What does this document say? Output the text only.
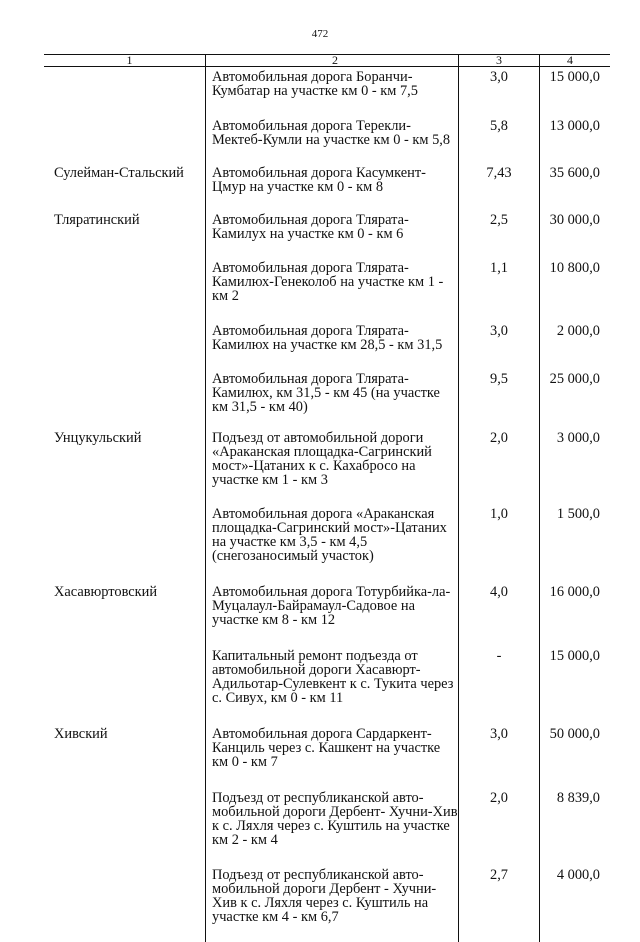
472
1	2	3	4
	Автомобильная дорога Боранчи-Кумбатар на участке км 0 - км 7,5	3,0	15 000,0
	Автомобильная дорога Терекли-Мектеб-Кумли на участке км 0 - км 5,8	5,8	13 000,0
Сулейман-Стальский	Автомобильная дорога Касумкент-Цмур на участке км 0 - км 8	7,43	35 600,0
Тляратинский	Автомобильная дорога Тлярата-Камилух на участке км 0 - км 6	2,5	30 000,0
	Автомобильная дорога Тлярата-Камилюх-Генеколоб на участке км 1 - км 2	1,1	10 800,0
	Автомобильная дорога Тлярата-Камилюх на участке км 28,5 - км 31,5	3,0	2 000,0
	Автомобильная дорога Тлярата-Камилюх, км 31,5 - км 45 (на участке км 31,5 - км 40)	9,5	25 000,0
Унцукульский	Подъезд от автомобильной дороги «Араканская площадка-Сагринский мост»-Цатаних к с. Кахабросо на участке км 1 - км 3	2,0	3 000,0
	Автомобильная дорога «Араканская площадка-Сагринский мост»-Цатаних на участке км 3,5 - км 4,5 (снегозаносимый участок)	1,0	1 500,0
Хасавюртовский	Автомобильная дорога Тотурбийка-ла-Муцалаул-Байрамаул-Садовое на участке км 8 - км 12	4,0	16 000,0
	Капитальный ремонт подъезда от автомобильной дороги Хасавюрт-Адильотар-Сулевкент к с. Тукита через с. Сивух, км 0 - км 11	-	15 000,0
Хивский	Автомобильная дорога Сардаркент-Канциль через с. Кашкент на участке км 0 - км 7	3,0	50 000,0
	Подъезд от республиканской авто-мобильной дороги Дербент- Хучни-Хив к с. Ляхля через с. Куштиль на участке км 2 - км 4	2,0	8 839,0
	Подъезд от республиканской авто-мобильной дороги Дербент - Хучни-Хив к с. Ляхля через с. Куштиль на участке км 4 - км 6,7	2,7	4 000,0
